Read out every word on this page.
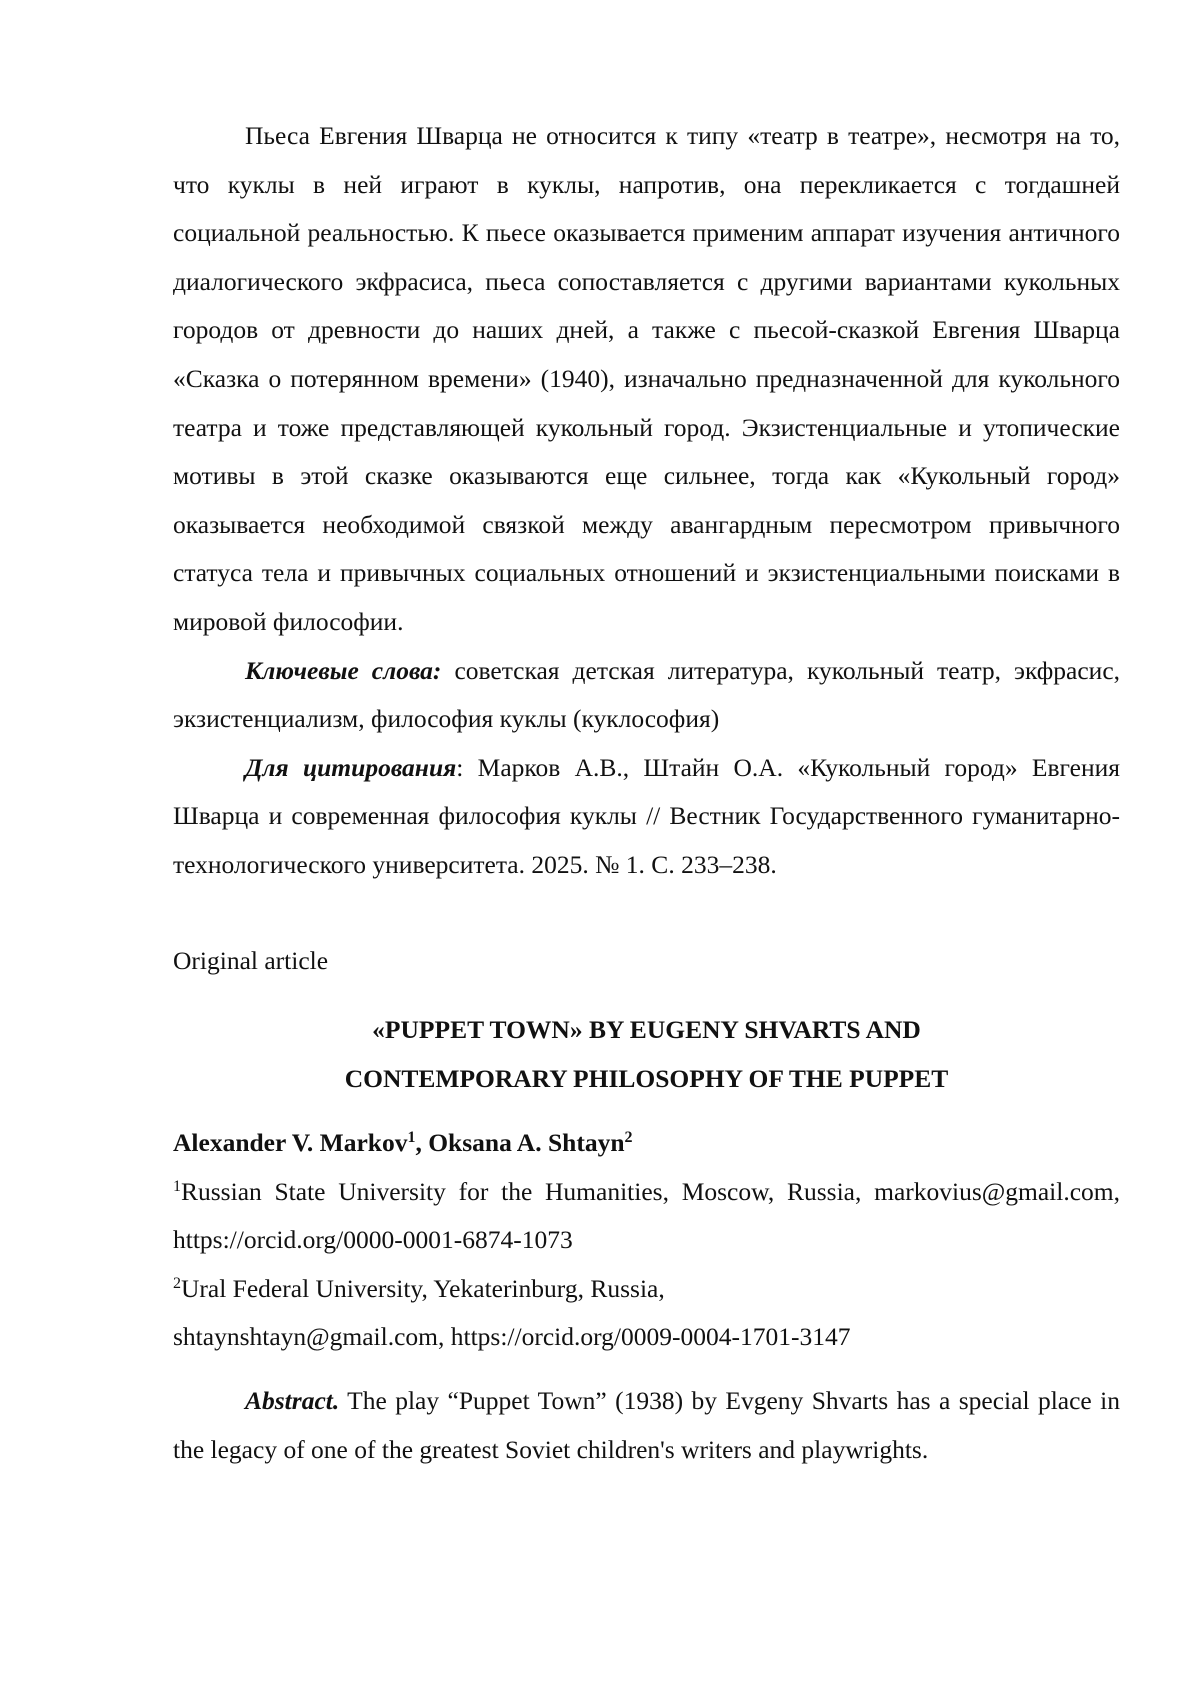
Пьеса Евгения Шварца не относится к типу «театр в театре», несмотря на то, что куклы в ней играют в куклы, напротив, она перекликается с тогдашней социальной реальностью. К пьесе оказывается применим аппарат изучения античного диалогического экфрасиса, пьеса сопоставляется с другими вариантами кукольных городов от древности до наших дней, а также с пьесой-сказкой Евгения Шварца «Сказка о потерянном времени» (1940), изначально предназначенной для кукольного театра и тоже представляющей кукольный город. Экзистенциальные и утопические мотивы в этой сказке оказываются еще сильнее, тогда как «Кукольный город» оказывается необходимой связкой между авангардным пересмотром привычного статуса тела и привычных социальных отношений и экзистенциальными поисками в мировой философии.

Ключевые слова: советская детская литература, кукольный театр, экфрасис, экзистенциализм, философия куклы (куклософия)

Для цитирования: Марков А.В., Штайн О.А. «Кукольный город» Евгения Шварца и современная философия куклы // Вестник Государственного гуманитарно-технологического университета. 2025. № 1. С. 233–238.

Original article

«PUPPET TOWN» BY EUGENY SHVARTS AND
CONTEMPORARY PHILOSOPHY OF THE PUPPET

Alexander V. Markov$^1$, Oksana A. Shtayn$^2$

$^1$Russian State University for the Humanities, Moscow, Russia, markovius@gmail.com, https://orcid.org/0000-0001-6874-1073

$^2$Ural Federal University, Yekaterinburg, Russia,

shtaynshtayn@gmail.com, https://orcid.org/0009-0004-1701-3147

Abstract. The play “Puppet Town” (1938) by Evgeny Shvarts has a special place in the legacy of one of the greatest Soviet children's writers and playwrights.
